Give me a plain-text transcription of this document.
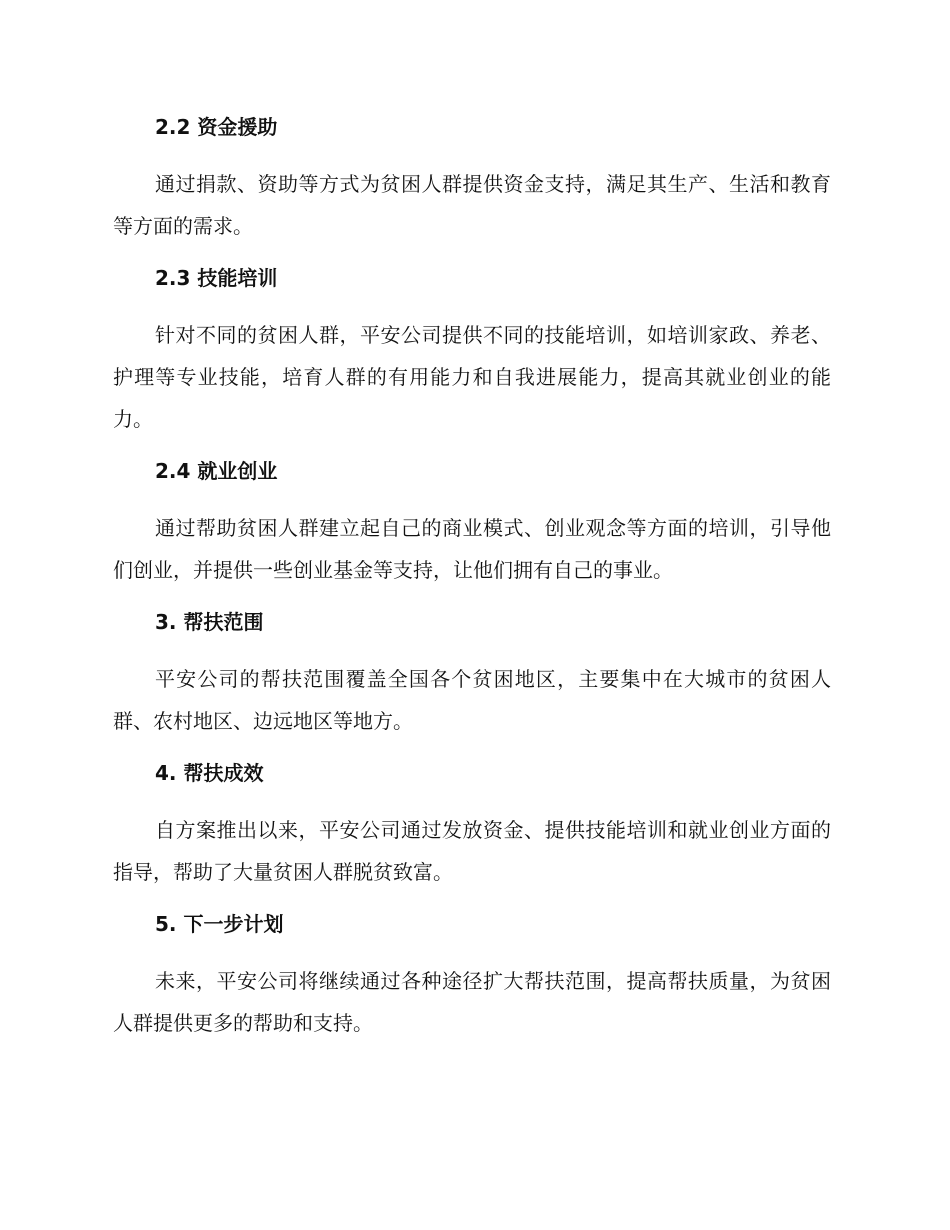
2.2 资金援助

通过捐款、资助等方式为贫困人群提供资金支持，满足其生产、生活和教育等方面的需求。

2.3 技能培训

针对不同的贫困人群，平安公司提供不同的技能培训，如培训家政、养老、护理等专业技能，培育人群的有用能力和自我进展能力，提高其就业创业的能力。

2.4 就业创业

通过帮助贫困人群建立起自己的商业模式、创业观念等方面的培训，引导他们创业，并提供一些创业基金等支持，让他们拥有自己的事业。

3. 帮扶范围

平安公司的帮扶范围覆盖全国各个贫困地区，主要集中在大城市的贫困人群、农村地区、边远地区等地方。

4. 帮扶成效

自方案推出以来，平安公司通过发放资金、提供技能培训和就业创业方面的指导，帮助了大量贫困人群脱贫致富。

5. 下一步计划

未来，平安公司将继续通过各种途径扩大帮扶范围，提高帮扶质量，为贫困人群提供更多的帮助和支持。
